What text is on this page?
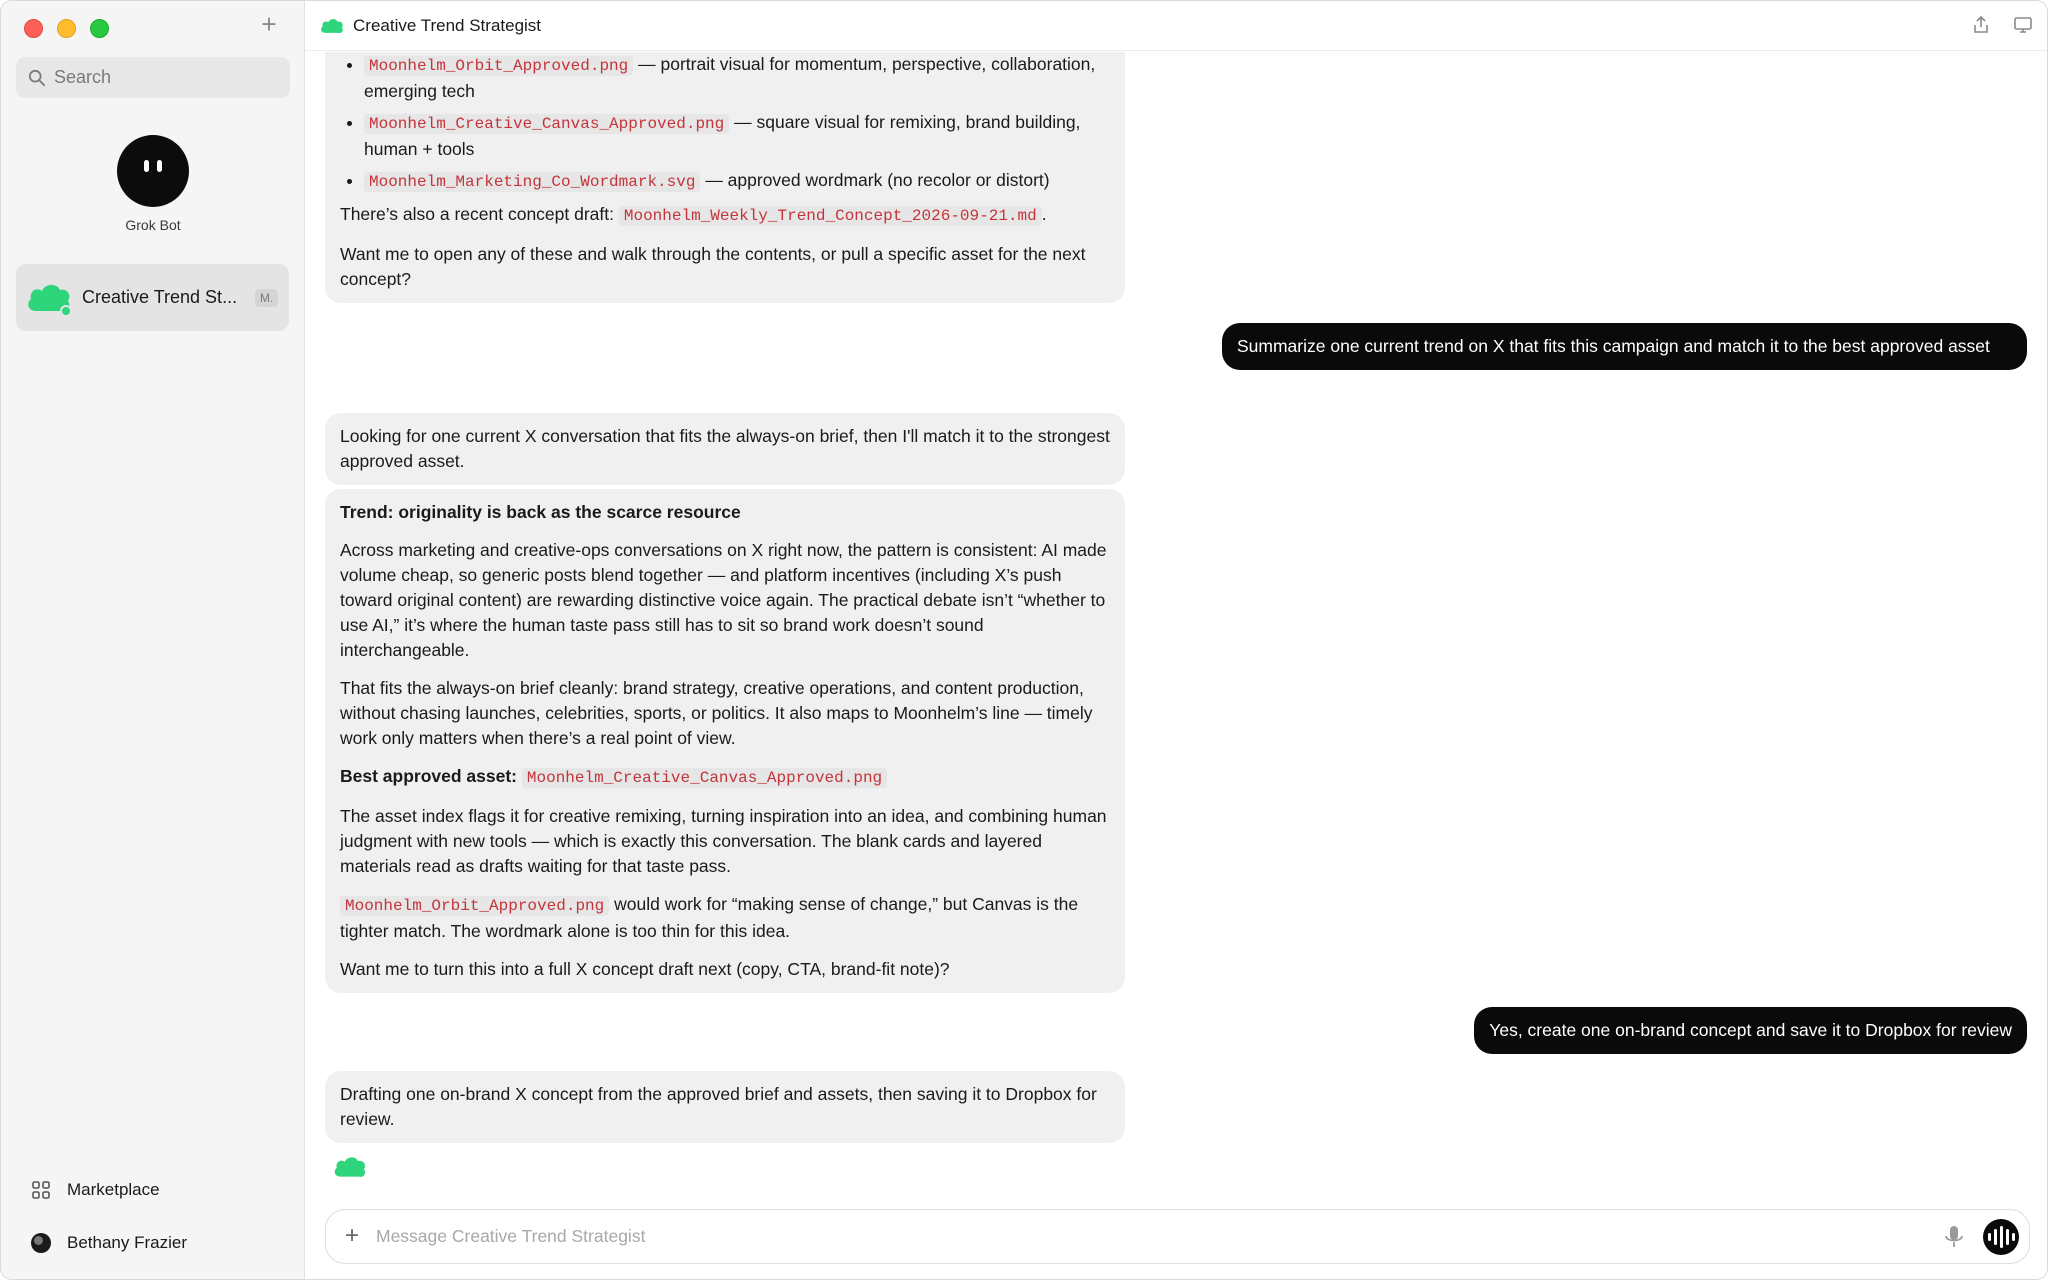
+
Search
Grok Bot
Creative Trend St...	M.
Marketplace
Bethany Frazier
Creative Trend Strategist
• Moonhelm_Orbit_Approved.png — portrait visual for momentum, perspective, collaboration, emerging tech
• Moonhelm_Creative_Canvas_Approved.png — square visual for remixing, brand building, human + tools
• Moonhelm_Marketing_Co_Wordmark.svg — approved wordmark (no recolor or distort)

There’s also a recent concept draft: Moonhelm_Weekly_Trend_Concept_2026-09-21.md .

Want me to open any of these and walk through the contents, or pull a specific asset for the next concept?

Summarize one current trend on X that fits this campaign and match it to the best approved asset
Looking for one current X conversation that fits the always-on brief, then I'll match it to the strongest approved asset.

Trend: originality is back as the scarce resource

Across marketing and creative-ops conversations on X right now, the pattern is consistent: AI made volume cheap, so generic posts blend together — and platform incentives (including X’s push toward original content) are rewarding distinctive voice again. The practical debate isn’t “whether to use AI,” it’s where the human taste pass still has to sit so brand work doesn’t sound interchangeable.

That fits the always-on brief cleanly: brand strategy, creative operations, and content production, without chasing launches, celebrities, sports, or politics. It also maps to Moonhelm’s line — timely work only matters when there’s a real point of view.

Best approved asset: Moonhelm_Creative_Canvas_Approved.png

The asset index flags it for creative remixing, turning inspiration into an idea, and combining human judgment with new tools — which is exactly this conversation. The blank cards and layered materials read as drafts waiting for that taste pass.

Moonhelm_Orbit_Approved.png would work for “making sense of change,” but Canvas is the tighter match. The wordmark alone is too thin for this idea.

Want me to turn this into a full X concept draft next (copy, CTA, brand-fit note)?

Yes, create one on-brand concept and save it to Dropbox for review
Drafting one on-brand X concept from the approved brief and assets, then saving it to Dropbox for review.
+
Message Creative Trend Strategist
